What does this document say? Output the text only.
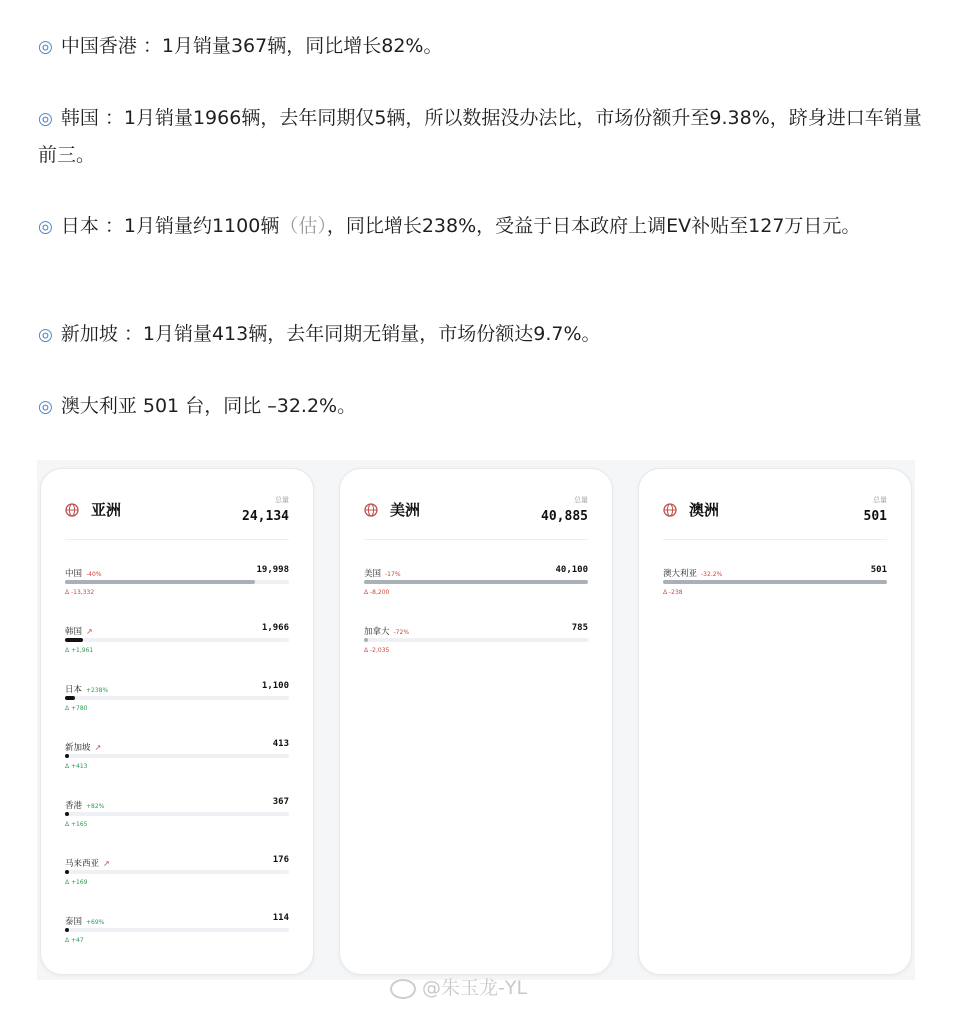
◎ 中国香港 ：1月销量367辆，同比增长82%。
◎ 韩国 ：1月销量1966辆，去年同期仅5辆，所以数据没办法比，市场份额升至9.38%，跻身进口车销量前三。
◎ 日本 ：1月销量约1100辆（估），同比增长238%，受益于日本政府上调EV补贴至127万日元。
◎ 新加坡 ：1月销量413辆，去年同期无销量，市场份额达9.7%。
◎ 澳大利亚 501 台，同比 –32.2%。
亚洲
总量
24,134
中国 -40%	19,998
Δ -13,332
韩国 ↗	1,966
Δ +1,961
日本 +238%	1,100
Δ +780
新加坡 ↗	413
Δ +413
香港 +82%	367
Δ +165
马来西亚 ↗	176
Δ +169
泰国 +69%	114
Δ +47
美洲
总量
40,885
美国 -17%	40,100
Δ -8,200
加拿大 -72%	785
Δ -2,035
澳洲
总量
501
澳大利亚 -32.2%	501
Δ -238
@朱玉龙-YL
